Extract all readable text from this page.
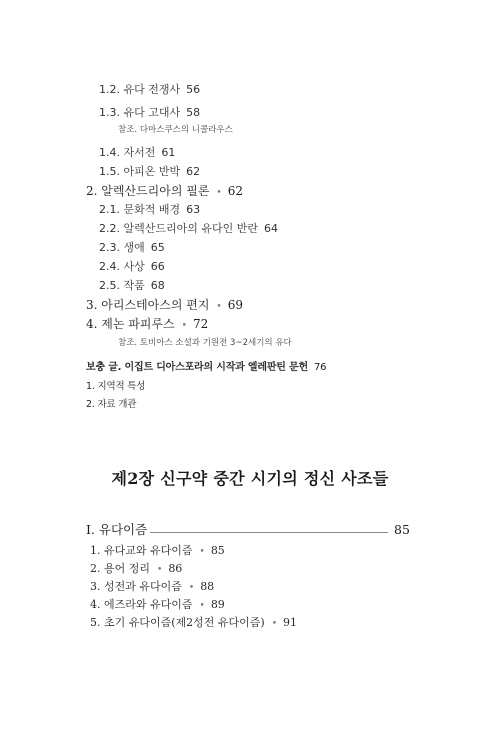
1.2. 유다 전쟁사 56
1.3. 유다 고대사 58
참조. 다마스쿠스의 니콜라우스
1.4. 자서전 61
1.5. 아피온 반박 62
2. 알렉산드리아의 필론 • 62
2.1. 문화적 배경 63
2.2. 알렉산드리아의 유다인 반란 64
2.3. 생애 65
2.4. 사상 66
2.5. 작품 68
3. 아리스테아스의 편지 • 69
4. 제논 파피루스 • 72
참조. 토비아스 소설과 기원전 3~2세기의 유다
보충 글. 이집트 디아스포라의 시작과 엘레판틴 문헌 76
1. 지역적 특성
2. 자료 개관
제2장 신구약 중간 시기의 정신 사조들
I. 유다이즘	85
1. 유다교와 유다이즘 • 85
2. 용어 정리 • 86
3. 성전과 유다이즘 • 88
4. 에즈라와 유다이즘 • 89
5. 초기 유다이즘(제2성전 유다이즘) • 91
